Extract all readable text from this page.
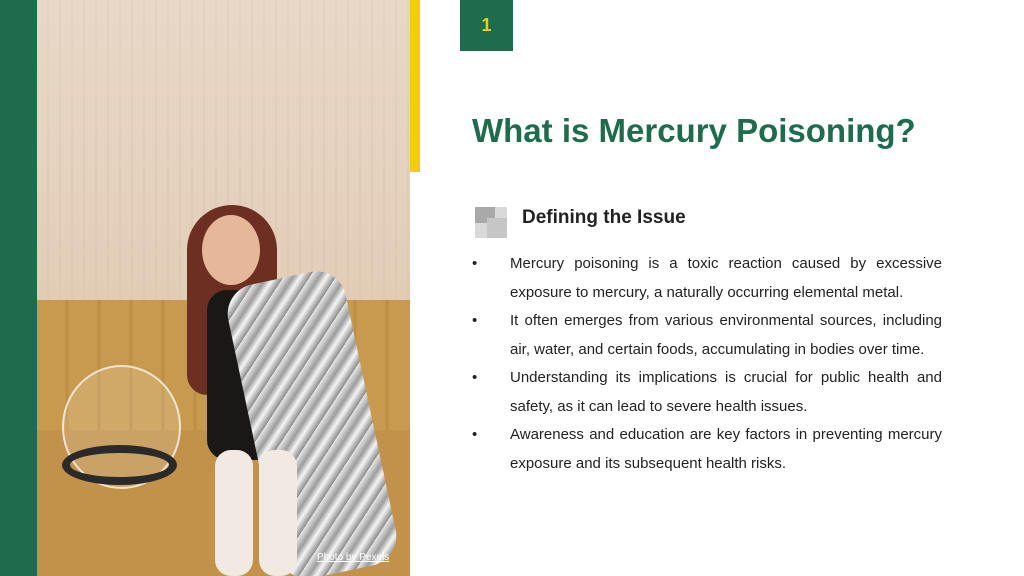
Photo by Pexels
1
What is Mercury Poisoning?
Defining the Issue
• Mercury poisoning is a toxic reaction caused by excessive exposure to mercury, a naturally occurring elemental metal.
• It often emerges from various environmental sources, including air, water, and certain foods, accumulating in bodies over time.
• Understanding its implications is crucial for public health and safety, as it can lead to severe health issues.
• Awareness and education are key factors in preventing mercury exposure and its subsequent health risks.
